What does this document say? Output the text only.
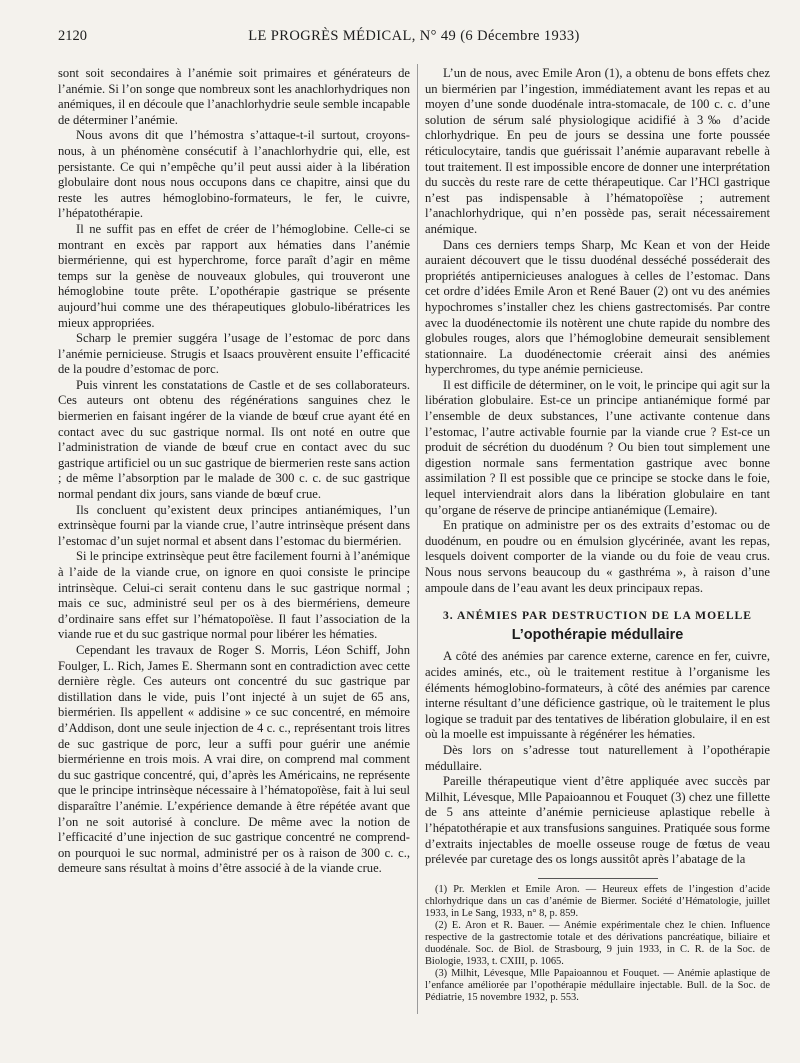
2120	LE PROGRÈS MÉDICAL, N° 49 (6 Décembre 1933)

sont soit secondaires à l’anémie soit primaires et générateurs de l’anémie. Si l’on songe que nombreux sont les anachlorhydriques non anémiques, il en découle que l’anachlorhydrie seule semble incapable de déterminer l’anémie.

Nous avons dit que l’hémostra s’attaque-t-il surtout, croyons-nous, à un phénomène consécutif à l’anachlorhydrie qui, elle, est persistante. Ce qui n’empêche qu’il peut aussi aider à la libération globulaire dont nous nous occupons dans ce chapitre, ainsi que du reste les autres hémoglobino-formateurs, le fer, le cuivre, l’hépatothérapie.

Il ne suffit pas en effet de créer de l’hémoglobine. Celle-ci se montrant en excès par rapport aux hématies dans l’anémie biermérienne, qui est hyperchrome, force paraît d’agir en même temps sur la genèse de nouveaux globules, qui trouveront une hémoglobine toute prête. L’opothérapie gastrique se présente aujourd’hui comme une des thérapeutiques globulo-libératrices les mieux appropriées.

Scharp le premier suggéra l’usage de l’estomac de porc dans l’anémie pernicieuse. Strugis et Isaacs prouvèrent ensuite l’efficacité de la poudre d’estomac de porc.

Puis vinrent les constatations de Castle et de ses collaborateurs. Ces auteurs ont obtenu des régénérations sanguines chez le biermerien en faisant ingérer de la viande de bœuf crue ayant été en contact avec du suc gastrique normal. Ils ont noté en outre que l’administration de viande de bœuf crue en contact avec du suc gastrique artificiel ou un suc gastrique de biermerien reste sans action ; de même l’absorption par le malade de 300 c. c. de suc gastrique normal pendant dix jours, sans viande de bœuf crue.

Ils concluent qu’existent deux principes antianémiques, l’un extrinsèque fourni par la viande crue, l’autre intrinsèque présent dans l’estomac d’un sujet normal et absent dans l’estomac du biermérien.

Si le principe extrinsèque peut être facilement fourni à l’anémique à l’aide de la viande crue, on ignore en quoi consiste le principe intrinsèque. Celui-ci serait contenu dans le suc gastrique normal ; mais ce suc, administré seul per os à des biermériens, demeure d’ordinaire sans effet sur l’hématopoïèse. Il faut l’association de la viande rue et du suc gastrique normal pour libérer les hématies.

Cependant les travaux de Roger S. Morris, Léon Schiff, John Foulger, L. Rich, James E. Shermann sont en contradiction avec cette dernière règle. Ces auteurs ont concentré du suc gastrique par distillation dans le vide, puis l’ont injecté à un sujet de 65 ans, biermérien. Ils appellent « addisine » ce suc concentré, en mémoire d’Addison, dont une seule injection de 4 c. c., représentant trois litres de suc gastrique de porc, leur a suffi pour guérir une anémie biermérienne en trois mois. A vrai dire, on comprend mal comment du suc gastrique concentré, qui, d’après les Américains, ne représente que le principe intrinsèque nécessaire à l’hématopoïèse, fait à lui seul disparaître l’anémie. L’expérience demande à être répétée avant que l’on ne soit autorisé à conclure. De même avec la notion de l’efficacité d’une injection de suc gastrique concentré ne comprend-on pourquoi le suc normal, administré per os à raison de 300 c. c., demeure sans résultat à moins d’être associé à de la viande crue.

L’un de nous, avec Emile Aron (1), a obtenu de bons effets chez un biermérien par l’ingestion, immédiatement avant les repas et au moyen d’une sonde duodénale intra-stomacale, de 100 c. c. d’une solution de sérum salé physiologique acidifié à 3‰ d’acide chlorhydrique. En peu de jours se dessina une forte poussée réticulocytaire, tandis que guérissait l’anémie auparavant rebelle à tout traitement. Il est impossible encore de donner une interprétation du succès du reste rare de cette thérapeutique. Car l’HCl gastrique n’est pas indispensable à l’hématopoïèse ; autrement l’anachlorhydrique, qui n’en possède pas, serait nécessairement anémique.

Dans ces derniers temps Sharp, Mc Kean et von der Heide auraient découvert que le tissu duodénal desséché posséderait des propriétés antipernicieuses analogues à celles de l’estomac. Dans cet ordre d’idées Emile Aron et René Bauer (2) ont vu des anémies hypochromes s’installer chez les chiens gastrectomisés. Par contre avec la duodénectomie ils notèrent une chute rapide du nombre des globules rouges, alors que l’hémoglobine demeurait sensiblement stationnaire. La duodénectomie créerait ainsi des anémies hyperchromes, du type anémie pernicieuse.

Il est difficile de déterminer, on le voit, le principe qui agit sur la libération globulaire. Est-ce un principe antianémique formé par l’ensemble de deux substances, l’une activante contenue dans l’estomac, l’autre activable fournie par la viande crue ? Est-ce un produit de sécrétion du duodénum ? Ou bien tout simplement une digestion normale sans fermentation gastrique avec bonne assimilation ? Il est possible que ce principe se stocke dans le foie, lequel interviendrait alors dans la libération globulaire en tant qu’organe de réserve de principe antianémique (Lemaire).

En pratique on administre per os des extraits d’estomac ou de duodénum, en poudre ou en émulsion glycérinée, avant les repas, lesquels doivent comporter de la viande ou du foie de veau crus. Nous nous servons beaucoup du « gasthréma », à raison d’une ampoule dans de l’eau avant les deux principaux repas.

3. ANÉMIES PAR DESTRUCTION DE LA MOELLE
L’opothérapie médullaire

A côté des anémies par carence externe, carence en fer, cuivre, acides aminés, etc., où le traitement restitue à l’organisme les éléments hémoglobino-formateurs, à côté des anémies par carence interne résultant d’une déficience gastrique, où le traitement le plus logique se traduit par des tentatives de libération globulaire, il en est où la moelle est impuissante à régénérer les hématies.

Dès lors on s’adresse tout naturellement à l’opothérapie médullaire.

Pareille thérapeutique vient d’être appliquée avec succès par Milhit, Lévesque, Mlle Papaioannou et Fouquet (3) chez une fillette de 5 ans atteinte d’anémie pernicieuse aplastique rebelle à l’hépatothérapie et aux transfusions sanguines. Pratiquée sous forme d’extraits injectables de moelle osseuse rouge de fœtus de veau prélevée par curetage des os longs aussitôt après l’abatage de la

(1) Pr. Merklen et Emile Aron. — Heureux effets de l’ingestion d’acide chlorhydrique dans un cas d’anémie de Biermer. Société d’Hématologie, juillet 1933, in Le Sang, 1933, n° 8, p. 859.

(2) E. Aron et R. Bauer. — Anémie expérimentale chez le chien. Influence respective de la gastrectomie totale et des dérivations pancréatique, biliaire et duodénale. Soc. de Biol. de Strasbourg, 9 juin 1933, in C. R. de la Soc. de Biologie, 1933, t. CXIII, p. 1065.

(3) Milhit, Lévesque, Mlle Papaioannou et Fouquet. — Anémie aplastique de l’enfance améliorée par l’opothérapie médullaire injectable. Bull. de la Soc. de Pédiatrie, 15 novembre 1932, p. 553.
